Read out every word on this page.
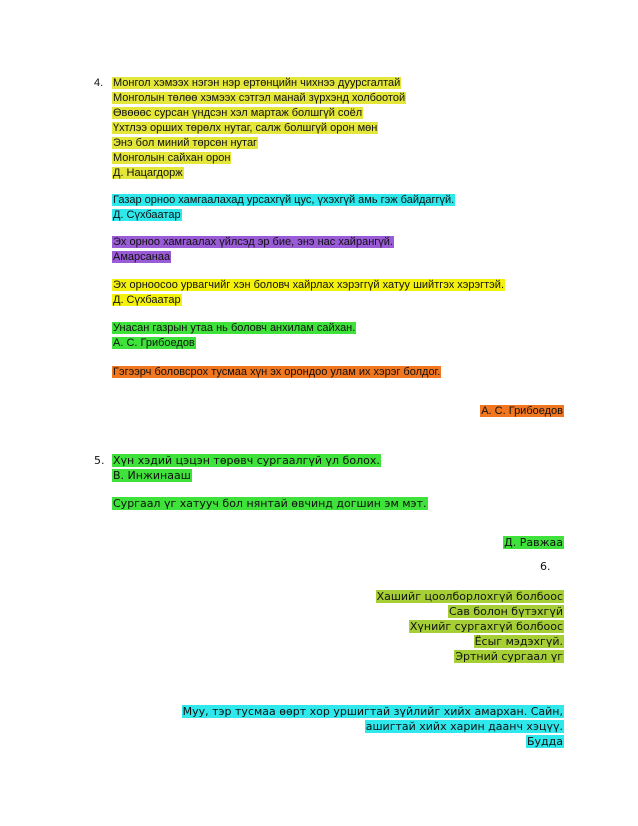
4. Монгол хэмээх нэгэн нэр ертөнцийн чихнээ дуурсгалтай
Монголын төлөө хэмээх сэтгэл манай зүрхэнд холбоотой
Өвөөөс сурсан үндсэн хэл мартаж болшгүй соёл
Үхтлээ орших төрөлх нутаг, салж болшгүй орон мөн
Энэ бол миний төрсөн нутаг
Монголын сайхан орон
Д. Нацагдорж
Газар орноо хамгаалахад урсахгүй цус, үхэхгүй амь гэж байдаггүй.
Д. Сүхбаатар
Эх орноо хамгаалах үйлсэд эр бие, энэ нас хайрангүй.
Амарсанаа
Эх орноосоо урвагчийг хэн боловч хайрлах хэрэггүй хатуу шийтгэх хэрэгтэй.
Д. Сүхбаатар
Унасан газрын утаа нь боловч анхилам сайхан.
А. С. Грибоедов
Гэгээрч боловсрох тусмаа хүн эх орондоо улам их хэрэг болдог.
А. С. Грибоедов
5. Хүн хэдий цэцэн төрөвч сургаалгүй үл болох.
В. Инжинааш
Сургаал үг хатууч бол нянтай өвчинд догшин эм мэт.
Д. Равжаа
6.
Хашийг цоолборлохгүй болбоос
Сав болон бүтэхгүй
Хүнийг сургахгүй болбоос
Ёсыг мэдэхгүй.
Эртний сургаал үг
Муу, тэр тусмаа өөрт хор уршигтай зүйлийг хийх амархан. Сайн,
ашигтай хийх харин даанч хэцүү.
Будда
